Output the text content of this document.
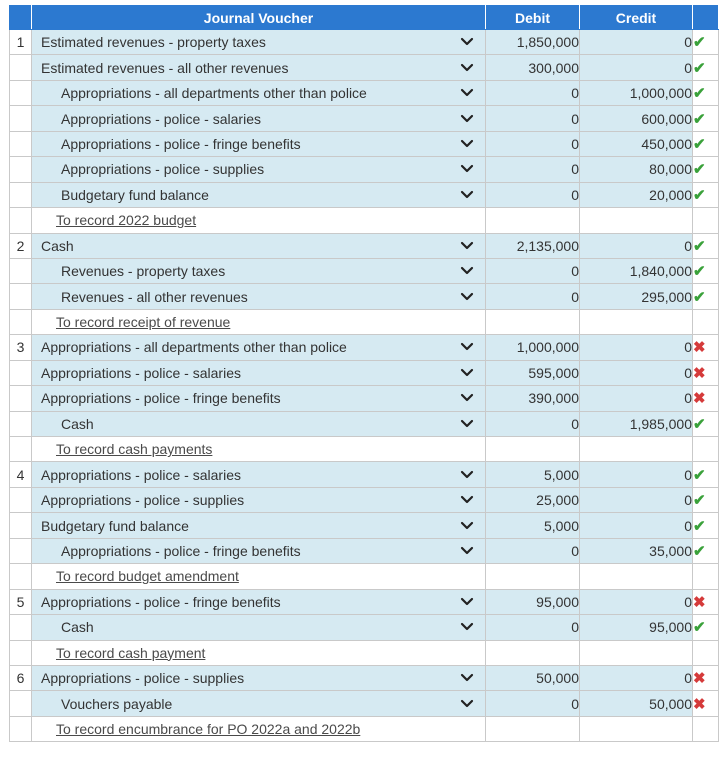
	Journal Voucher	Debit	Credit	
1	Estimated revenues - property taxes	1,850,000	0	✔

	Estimated revenues - all other revenues	300,000	0	✔

	Appropriations - all departments other than police	0	1,000,000	✔

	Appropriations - police - salaries	0	600,000	✔

	Appropriations - police - fringe benefits	0	450,000	✔

	Appropriations - police - supplies	0	80,000	✔

	Budgetary fund balance	0	20,000	✔

	To record 2022 budget			

2	Cash	2,135,000	0	✔

	Revenues - property taxes	0	1,840,000	✔

	Revenues - all other revenues	0	295,000	✔

	To record receipt of revenue			

3	Appropriations - all departments other than police	1,000,000	0	✖

	Appropriations - police - salaries	595,000	0	✖

	Appropriations - police - fringe benefits	390,000	0	✖

	Cash	0	1,985,000	✔

	To record cash payments			

4	Appropriations - police - salaries	5,000	0	✔

	Appropriations - police - supplies	25,000	0	✔

	Budgetary fund balance	5,000	0	✔

	Appropriations - police - fringe benefits	0	35,000	✔

	To record budget amendment			

5	Appropriations - police - fringe benefits	95,000	0	✖

	Cash	0	95,000	✔

	To record cash payment			

6	Appropriations - police - supplies	50,000	0	✖

	Vouchers payable	0	50,000	✖

	To record encumbrance for PO 2022a and 2022b			
